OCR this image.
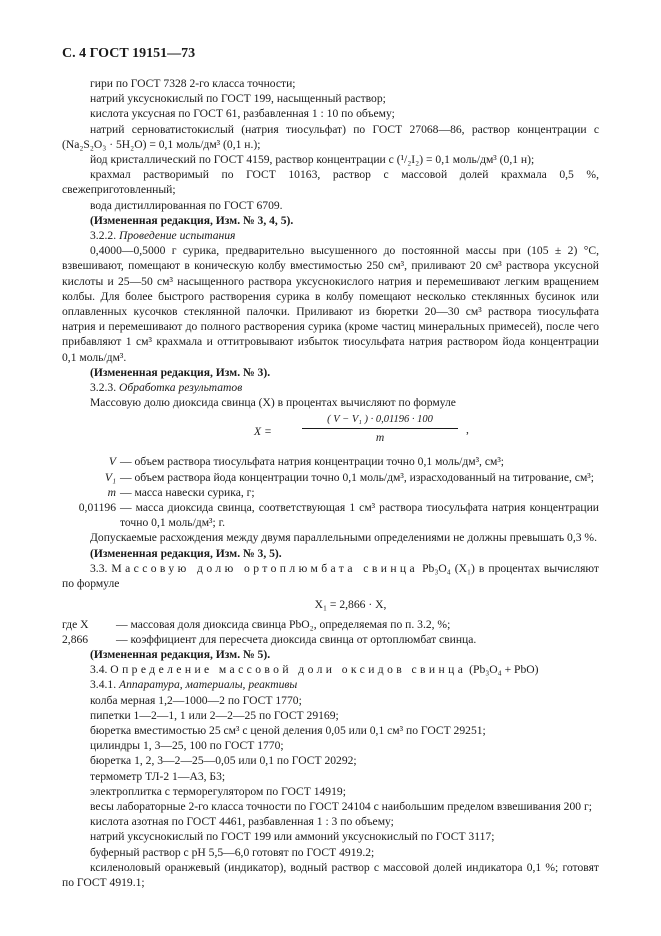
С. 4 ГОСТ 19151—73

гири по ГОСТ 7328 2-го класса точности;

натрий уксуснокислый по ГОСТ 199, насыщенный раствор;

кислота уксусная по ГОСТ 61, разбавленная 1 : 10 по объему;

натрий серноватистокислый (натрия тиосульфат) по ГОСТ 27068—86, раствор концентрации c (Na₂S₂O₃ · 5H₂O) = 0,1 моль/дм³ (0,1 н.);

йод кристаллический по ГОСТ 4159, раствор концентрации c (¹/₂I₂) = 0,1 моль/дм³ (0,1 н);

крахмал растворимый по ГОСТ 10163, раствор с массовой долей крахмала 0,5 %, свежеприготовленный;

вода дистиллированная по ГОСТ 6709.

(Измененная редакция, Изм. № 3, 4, 5).

3.2.2. Проведение испытания

0,4000—0,5000 г сурика, предварительно высушенного до постоянной массы при (105 ± 2) °С, взвешивают, помещают в коническую колбу вместимостью 250 см³, приливают 20 см³ раствора уксусной кислоты и 25—50 см³ насыщенного раствора уксуснокислого натрия и перемешивают легким вращением колбы. Для более быстрого растворения сурика в колбу помещают несколько стеклянных бусинок или оплавленных кусочков стеклянной палочки. Приливают из бюретки 20—30 см³ раствора тиосульфата натрия и перемешивают до полного растворения сурика (кроме частиц минеральных примесей), после чего прибавляют 1 см³ крахмала и оттитровывают избыток тиосульфата натрия раствором йода концентрации 0,1 моль/дм³.

(Измененная редакция, Изм. № 3).

3.2.3. Обработка результатов

Массовую долю диоксида свинца (X) в процентах вычисляют по формуле

X =
( V − V₁ ) · 0,01196 · 100
m
,
V — объем раствора тиосульфата натрия концентрации точно 0,1 моль/дм³, см³;
V₁ — объем раствора йода концентрации точно 0,1 моль/дм³, израсходованный на титрование, см³;
m — масса навески сурика, г;
0,01196 — масса диоксида свинца, соответствующая 1 см³ раствора тиосульфата натрия концентрации точно 0,1 моль/дм³; г.

Допускаемые расхождения между двумя параллельными определениями не должны превышать 0,3 %.

(Измененная редакция, Изм. № 3, 5).

3.3. Массовую долю ортоплюмбата свинца Pb₃O₄ (X₁) в процентах вычисляют по формуле

X₁ = 2,866 · X,

где X	— массовая доля диоксида свинца PbO₂, определяемая по п. 3.2, %;
2,866	— коэффициент для пересчета диоксида свинца от ортоплюмбат свинца.

(Измененная редакция, Изм. № 5).

3.4. Определение массовой доли оксидов свинца (Pb₃O₄ + PbO)

3.4.1. Аппаратура, материалы, реактивы

колба мерная 1,2—1000—2 по ГОСТ 1770;

пипетки 1—2—1, 1 или 2—2—25 по ГОСТ 29169;

бюретка вместимостью 25 см³ с ценой деления 0,05 или 0,1 см³ по ГОСТ 29251;

цилиндры 1, 3—25, 100 по ГОСТ 1770;

бюретка 1, 2, 3—2—25—0,05 или 0,1 по ГОСТ 20292;

термометр ТЛ-2 1—А3, Б3;

электроплитка с терморегулятором по ГОСТ 14919;

весы лабораторные 2-го класса точности по ГОСТ 24104 с наибольшим пределом взвешивания 200 г;

кислота азотная по ГОСТ 4461, разбавленная 1 : 3 по объему;

натрий уксуснокислый по ГОСТ 199 или аммоний уксуснокислый по ГОСТ 3117;

буферный раствор с рН 5,5—6,0 готовят по ГОСТ 4919.2;

ксиленоловый оранжевый (индикатор), водный раствор с массовой долей индикатора 0,1 %; готовят по ГОСТ 4919.1;
